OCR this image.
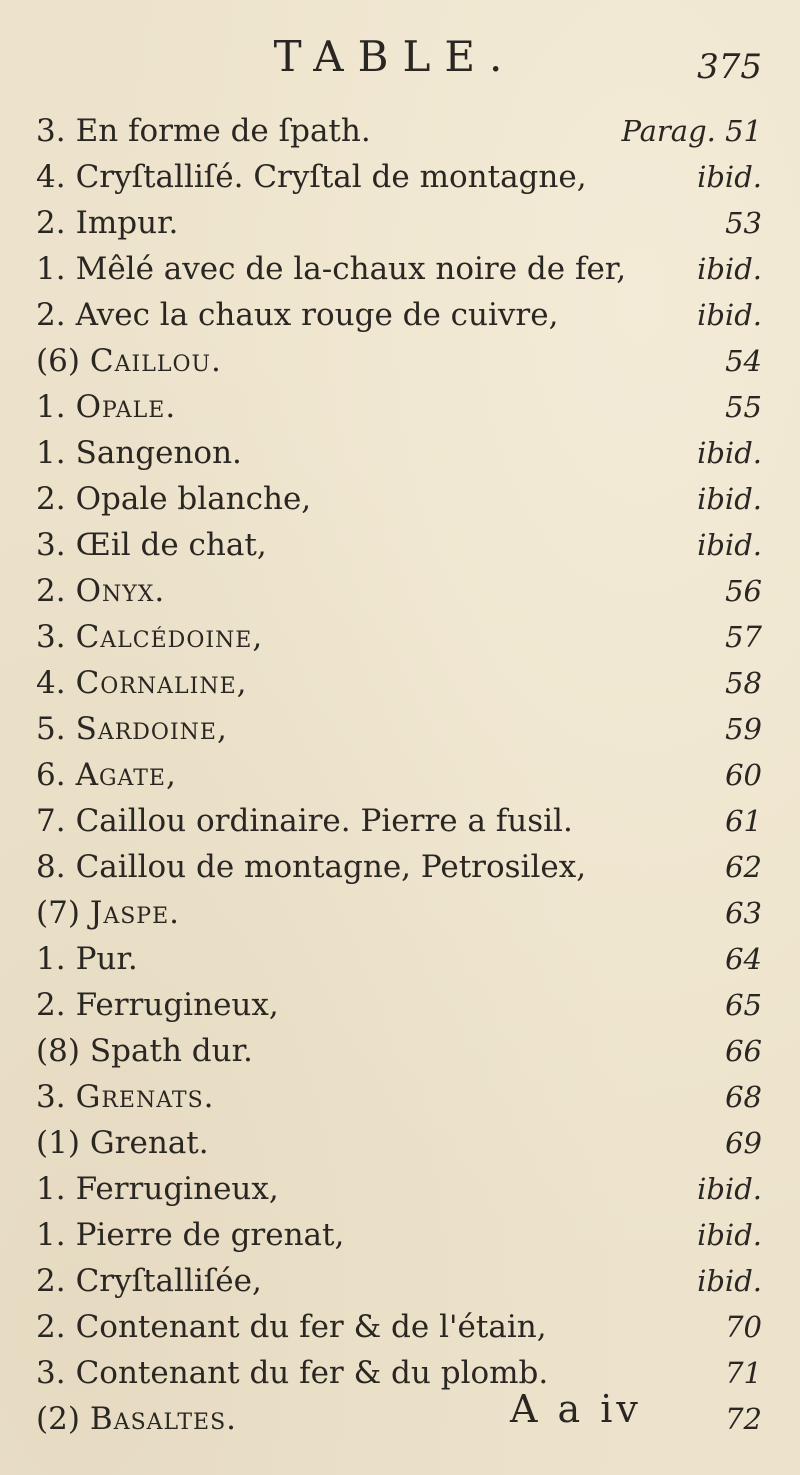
TABLE.	375
3. En forme de ſpath.	Parag. 51
4. Cryſtalliſé. Cryſtal de montagne,	ibid.
2. Impur.	53
1. Mêlé avec de la-chaux noire de fer, ibid.
2. Avec la chaux rouge de cuivre,	ibid.
(6) Caillou.	54
1. Opale.	55
1. Sangenon.	ibid.
2. Opale blanche,	ibid.
3. Œil de chat,	ibid.
2. Onyx.	56
3. Calcédoine,	57
4. Cornaline,	58
5. Sardoine,	59
6. Agate,	60
7. Caillou ordinaire. Pierre a fusil.	61
8. Caillou de montagne, Petrosilex,	62
(7) Jaspe.	63
1. Pur.	64
2. Ferrugineux,	65
(8) Spath dur.	66
3. Grenats.	68
(1) Grenat.	69
1. Ferrugineux,	ibid.
1. Pierre de grenat,	ibid.
2. Cryſtalliſée,	ibid.
2. Contenant du fer & de l'étain,	70
3. Contenant du fer & du plomb.	71
(2) Basaltes.	72
A a iv
